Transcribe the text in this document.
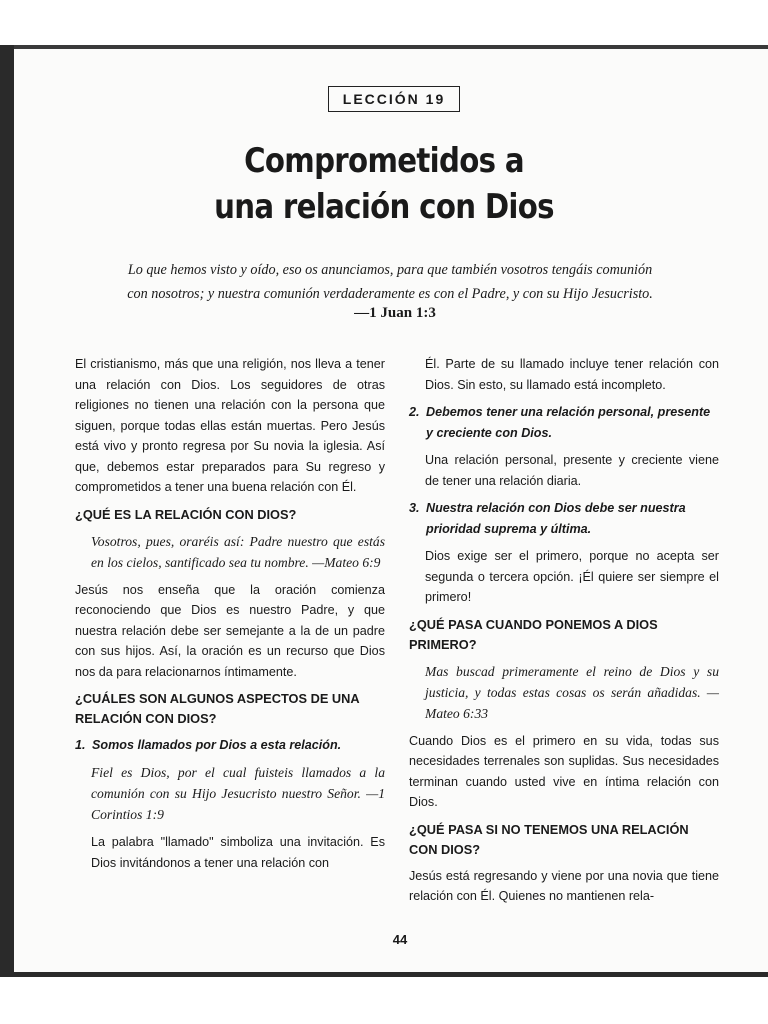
LECCIÓN 19
Comprometidos a
una relación con Dios
Lo que hemos visto y oído, eso os anunciamos, para que también vosotros tengáis comunión
con nosotros; y nuestra comunión verdaderamente es con el Padre, y con su Hijo Jesucristo.
—1 Juan 1:3

El cristianismo, más que una religión, nos lleva a tener una relación con Dios. Los seguidores de otras religiones no tienen una relación con la persona que siguen, porque todas ellas están muertas. Pero Jesús está vivo y pronto regresa por Su novia la iglesia. Así que, debemos estar preparados para Su regreso y comprometidos a tener una buena relación con Él.

¿QUÉ ES LA RELACIÓN CON DIOS?

Vosotros, pues, oraréis así: Padre nuestro que estás en los cielos, santificado sea tu nombre. —Mateo 6:9

Jesús nos enseña que la oración comienza reconociendo que Dios es nuestro Padre, y que nuestra relación debe ser semejante a la de un padre con sus hijos. Así, la oración es un recurso que Dios nos da para relacionarnos íntimamente.

¿CUÁLES SON ALGUNOS ASPECTOS DE UNA RELACIÓN CON DIOS?
1. Somos llamados por Dios a esta relación.

Fiel es Dios, por el cual fuisteis llamados a la comunión con su Hijo Jesucristo nuestro Señor. —1 Corintios 1:9

La palabra "llamado" simboliza una invitación. Es Dios invitándonos a tener una relación con

Él. Parte de su llamado incluye tener relación con Dios. Sin esto, su llamado está incompleto.

2. Debemos tener una relación personal, presente y creciente con Dios.

Una relación personal, presente y creciente viene de tener una relación diaria.

3. Nuestra relación con Dios debe ser nuestra prioridad suprema y última.

Dios exige ser el primero, porque no acepta ser segunda o tercera opción. ¡Él quiere ser siempre el primero!

¿QUÉ PASA CUANDO PONEMOS A DIOS PRIMERO?

Mas buscad primeramente el reino de Dios y su justicia, y todas estas cosas os serán añadidas. —Mateo 6:33

Cuando Dios es el primero en su vida, todas sus necesidades terrenales son suplidas. Sus necesidades terminan cuando usted vive en íntima relación con Dios.

¿QUÉ PASA SI NO TENEMOS UNA RELACIÓN CON DIOS?

Jesús está regresando y viene por una novia que tiene relación con Él. Quienes no mantienen rela-

44
